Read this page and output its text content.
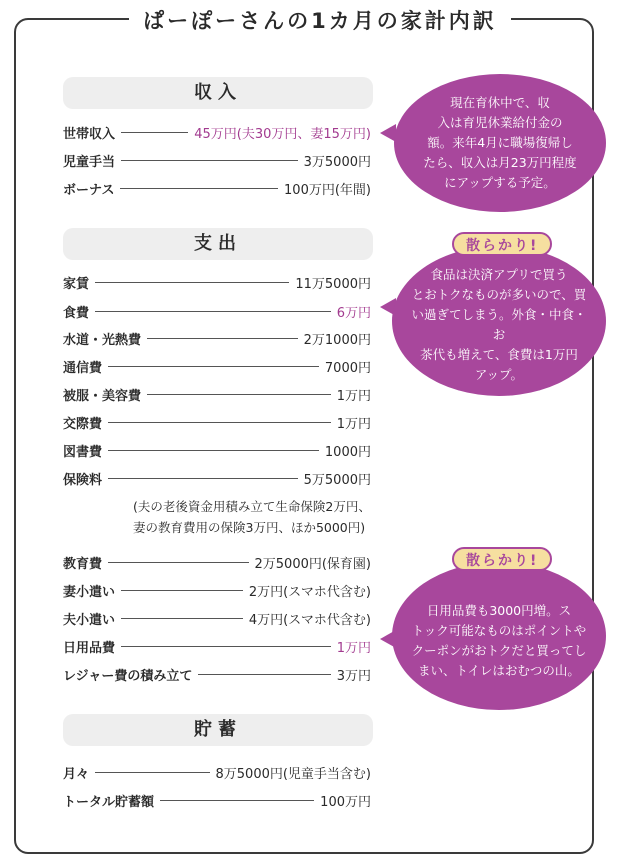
ぱーぽーさんの1カ月の家計内訳
収入
世帯収入	45万円(夫30万円、妻15万円)
児童手当	3万5000円
ボーナス	100万円(年間)
支出
家賃	11万5000円
食費	6万円
水道・光熱費	2万1000円
通信費	7000円
被服・美容費	1万円
交際費	1万円
図書費	1000円
保険料	5万5000円
(夫の老後資金用積み立て生命保険2万円、
妻の教育費用の保険3万円、ほか5000円)
教育費	2万5000円(保育園)
妻小遣い	2万円(スマホ代含む)
夫小遣い	4万円(スマホ代含む)
日用品費	1万円
レジャー費の積み立て	3万円
貯蓄
月々	8万5000円(児童手当含む)
トータル貯蓄額	100万円
現在育休中で、収
入は育児休業給付金の
額。来年4月に職場復帰し
たら、収入は月23万円程度
にアップする予定。
食品は決済アプリで買う
とおトクなものが多いので、買
い過ぎてしまう。外食・中食・お
茶代も増えて、食費は1万円
アップ。
散らかり!
日用品費も3000円増。ス
トック可能なものはポイントや
クーポンがおトクだと買ってし
まい、トイレはおむつの山。
散らかり!
